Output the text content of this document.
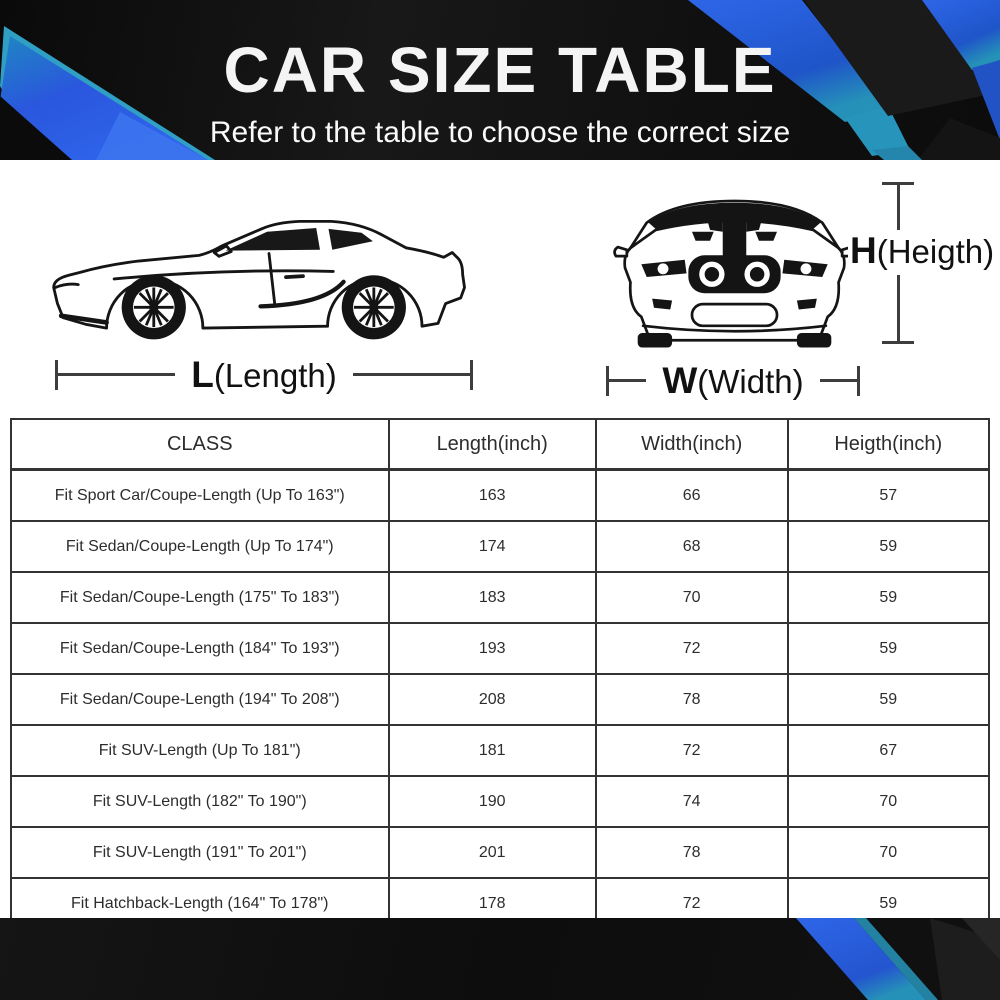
CAR SIZE TABLE
Refer to the table to choose the correct size
L(Length)	W(Width)
H(Heigth)
CLASS	Length(inch)	Width(inch)	Heigth(inch)
Fit Sport Car/Coupe-Length (Up To 163")	163	66	57
Fit Sedan/Coupe-Length (Up To 174")	174	68	59
Fit Sedan/Coupe-Length (175" To 183")	183	70	59
Fit Sedan/Coupe-Length (184" To 193")	193	72	59
Fit Sedan/Coupe-Length (194" To 208")	208	78	59
Fit SUV-Length (Up To 181")	181	72	67
Fit SUV-Length (182" To 190")	190	74	70
Fit SUV-Length (191" To 201")	201	78	70
Fit Hatchback-Length (164" To 178")	178	72	59
